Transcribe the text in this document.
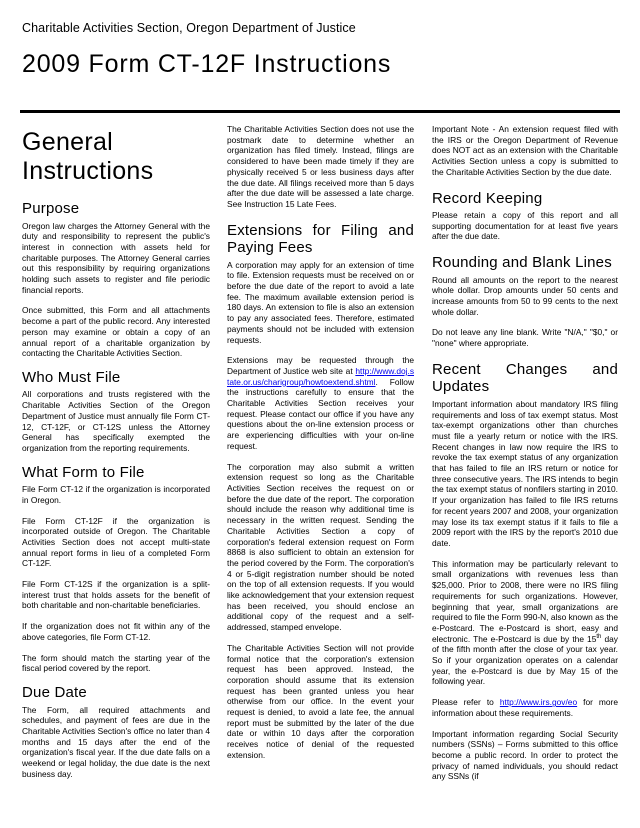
Charitable Activities Section, Oregon Department of Justice
2009 Form CT-12F Instructions
General Instructions
Purpose

Oregon law charges the Attorney General with the duty and responsibility to represent the public's interest in connection with assets held for charitable purposes. The Attorney General carries out this responsibility by requiring organizations holding such assets to register and file periodic financial reports.

Once submitted, this Form and all attachments become a part of the public record. Any interested person may examine or obtain a copy of an annual report of a charitable organization by contacting the Charitable Activities Section.

Who Must File

All corporations and trusts registered with the Charitable Activities Section of the Oregon Department of Justice must annually file Form CT-12, CT-12F, or CT-12S unless the Attorney General has specifically exempted the organization from the reporting requirements.

What Form to File

File Form CT-12 if the organization is incorporated in Oregon.

File Form CT-12F if the organization is incorporated outside of Oregon. The Charitable Activities Section does not accept multi-state annual report forms in lieu of a completed Form CT-12F.

File Form CT-12S if the organization is a split-interest trust that holds assets for the benefit of both charitable and non-charitable beneficiaries.

If the organization does not fit within any of the above categories, file Form CT-12.

The form should match the starting year of the fiscal period covered by the report.

Due Date

The Form, all required attachments and schedules, and payment of fees are due in the Charitable Activities Section's office no later than 4 months and 15 days after the end of the organization's fiscal year. If the due date falls on a weekend or legal holiday, the due date is the next business day.

The Charitable Activities Section does not use the postmark date to determine whether an organization has filed timely. Instead, filings are considered to have been made timely if they are physically received 5 or less business days after the due date. All filings received more than 5 days after the due date will be assessed a late charge. See Instruction 15 Late Fees.

Extensions for Filing and Paying Fees

A corporation may apply for an extension of time to file. Extension requests must be received on or before the due date of the report to avoid a late fee. The maximum available extension period is 180 days. An extension to file is also an extension to pay any associated fees. Therefore, estimated payments should not be included with extension requests.

Extensions may be requested through the Department of Justice web site at http://www.doj.state.or.us/charigroup/howtoextend.shtml. Follow the instructions carefully to ensure that the Charitable Activities Section receives your request. Please contact our office if you have any questions about the on-line extension process or are experiencing difficulties with your on-line request.

The corporation may also submit a written extension request so long as the Charitable Activities Section receives the request on or before the due date of the report. The corporation should include the reason why additional time is necessary in the written request. Sending the Charitable Activities Section a copy of corporation's federal extension request on Form 8868 is also sufficient to obtain an extension for the period covered by the Form. The corporation's 4 or 5-digit registration number should be noted on the top of all extension requests. If you would like acknowledgement that your extension request has been received, you should enclose an additional copy of the request and a self-addressed, stamped envelope.

The Charitable Activities Section will not provide formal notice that the corporation's extension request has been approved. Instead, the corporation should assume that its extension request has been granted unless you hear otherwise from our office. In the event your request is denied, to avoid a late fee, the annual report must be submitted by the later of the due date or within 10 days after the corporation receives notice of denial of the requested extension.

Important Note - An extension request filed with the IRS or the Oregon Department of Revenue does NOT act as an extension with the Charitable Activities Section unless a copy is submitted to the Charitable Activities Section by the due date.

Record Keeping

Please retain a copy of this report and all supporting documentation for at least five years after the due date.

Rounding and Blank Lines

Round all amounts on the report to the nearest whole dollar. Drop amounts under 50 cents and increase amounts from 50 to 99 cents to the next whole dollar.

Do not leave any line blank. Write "N/A," "$0," or "none" where appropriate.

Recent Changes and Updates

Important information about mandatory IRS filing requirements and loss of tax exempt status. Most tax-exempt organizations other than churches must file a yearly return or notice with the IRS. Recent changes in law now require the IRS to revoke the tax exempt status of any organization that has failed to file an IRS return or notice for three consecutive years. The IRS intends to begin the tax exempt status of nonfilers starting in 2010. If your organization has failed to file IRS returns for recent years 2007 and 2008, your organization may lose its tax exempt status if it fails to file a 2009 report with the IRS by the report's 2010 due date.

This information may be particularly relevant to small organizations with revenues less than $25,000. Prior to 2008, there were no IRS filing requirements for such organizations. However, beginning that year, small organizations are required to file the Form 990-N, also known as the e-Postcard. The e-Postcard is short, easy and electronic. The e-Postcard is due by the 15th day of the fifth month after the close of your tax year. So if your organization operates on a calendar year, the e-Postcard is due by May 15 of the following year.

Please refer to http://www.irs.gov/eo for more information about these requirements.

Important information regarding Social Security numbers (SSNs) – Forms submitted to this office become a public record. In order to protect the privacy of named individuals, you should redact any SSNs (if
